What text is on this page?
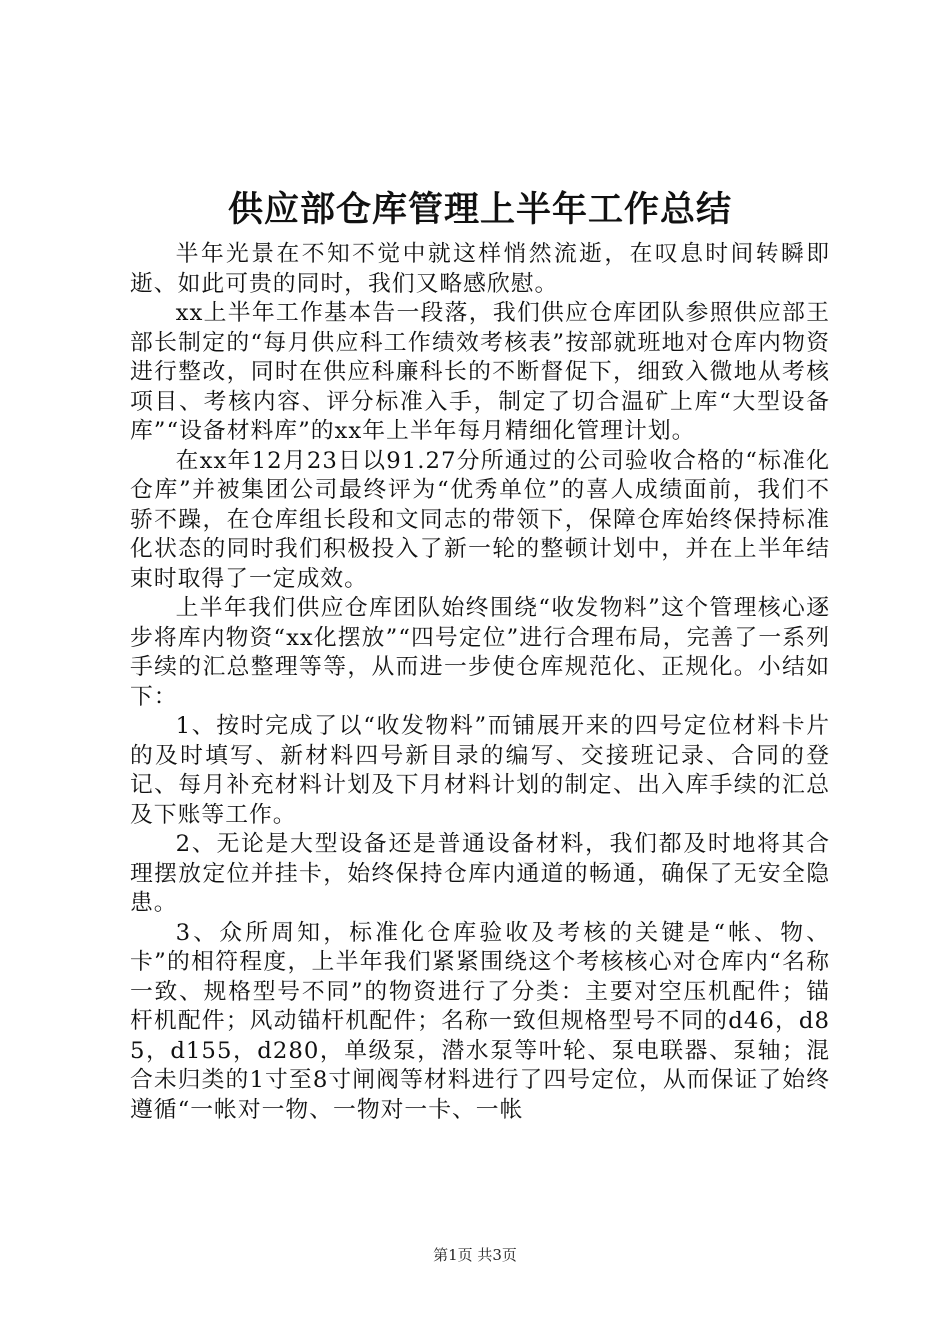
供应部仓库管理上半年工作总结

半年光景在不知不觉中就这样悄然流逝，在叹息时间转瞬即逝、如此可贵的同时，我们又略感欣慰。

xx上半年工作基本告一段落，我们供应仓库团队参照供应部王部长制定的“每月供应科工作绩效考核表”按部就班地对仓库内物资进行整改，同时在供应科廉科长的不断督促下，细致入微地从考核项目、考核内容、评分标准入手，制定了切合温矿上库“大型设备库”“设备材料库”的xx年上半年每月精细化管理计划。

在xx年12月23日以91.27分所通过的公司验收合格的“标准化仓库”并被集团公司最终评为“优秀单位”的喜人成绩面前，我们不骄不躁，在仓库组长段和文同志的带领下，保障仓库始终保持标准化状态的同时我们积极投入了新一轮的整顿计划中，并在上半年结束时取得了一定成效。

上半年我们供应仓库团队始终围绕“收发物料”这个管理核心逐步将库内物资“xx化摆放”“四号定位”进行合理布局，完善了一系列手续的汇总整理等等，从而进一步使仓库规范化、正规化。小结如下：

1、按时完成了以“收发物料”而铺展开来的四号定位材料卡片的及时填写、新材料四号新目录的编写、交接班记录、合同的登记、每月补充材料计划及下月材料计划的制定、出入库手续的汇总及下账等工作。

2、无论是大型设备还是普通设备材料，我们都及时地将其合理摆放定位并挂卡，始终保持仓库内通道的畅通，确保了无安全隐患。

3、众所周知，标准化仓库验收及考核的关键是“帐、物、卡”的相符程度，上半年我们紧紧围绕这个考核核心对仓库内“名称一致、规格型号不同”的物资进行了分类：主要对空压机配件；锚杆机配件；风动锚杆机配件；名称一致但规格型号不同的d46，d85，d155，d280，单级泵，潜水泵等叶轮、泵电联器、泵轴；混合未归类的1寸至8寸闸阀等材料进行了四号定位，从而保证了始终遵循“一帐对一物、一物对一卡、一帐

第1页 共3页
